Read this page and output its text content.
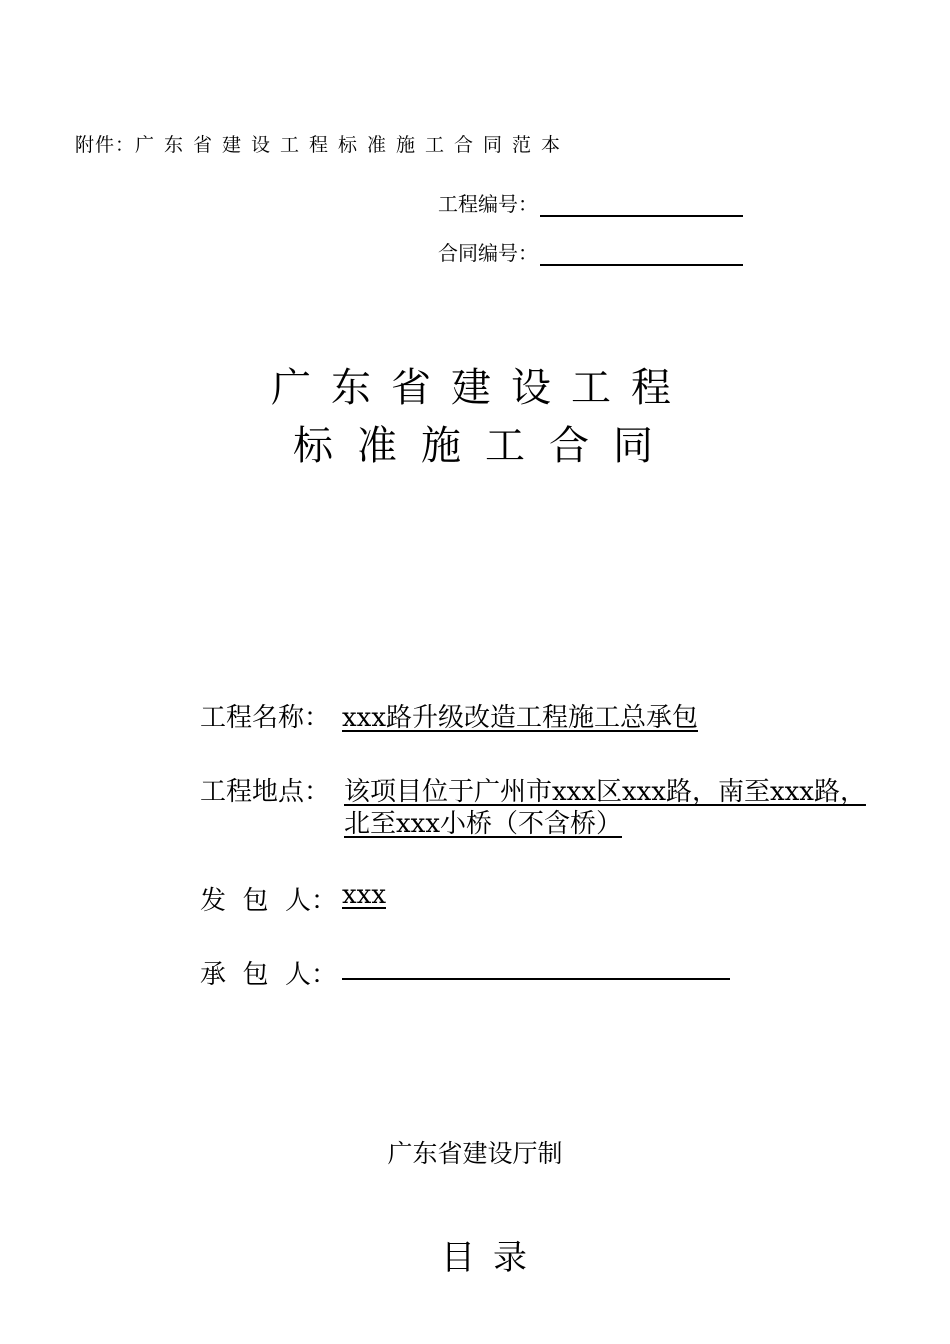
附件：广东省建设工程标准施工合同范本
工程编号：
合同编号：
广东省建设工程
标准施工合同
工程名称： xxx路升级改造工程施工总承包
工程地点： 该项目位于广州市xxx区xxx路，南至xxx路，
北至xxx小桥（不含桥）
发  包  人： xxx
承  包  人：
广东省建设厅制
目录
